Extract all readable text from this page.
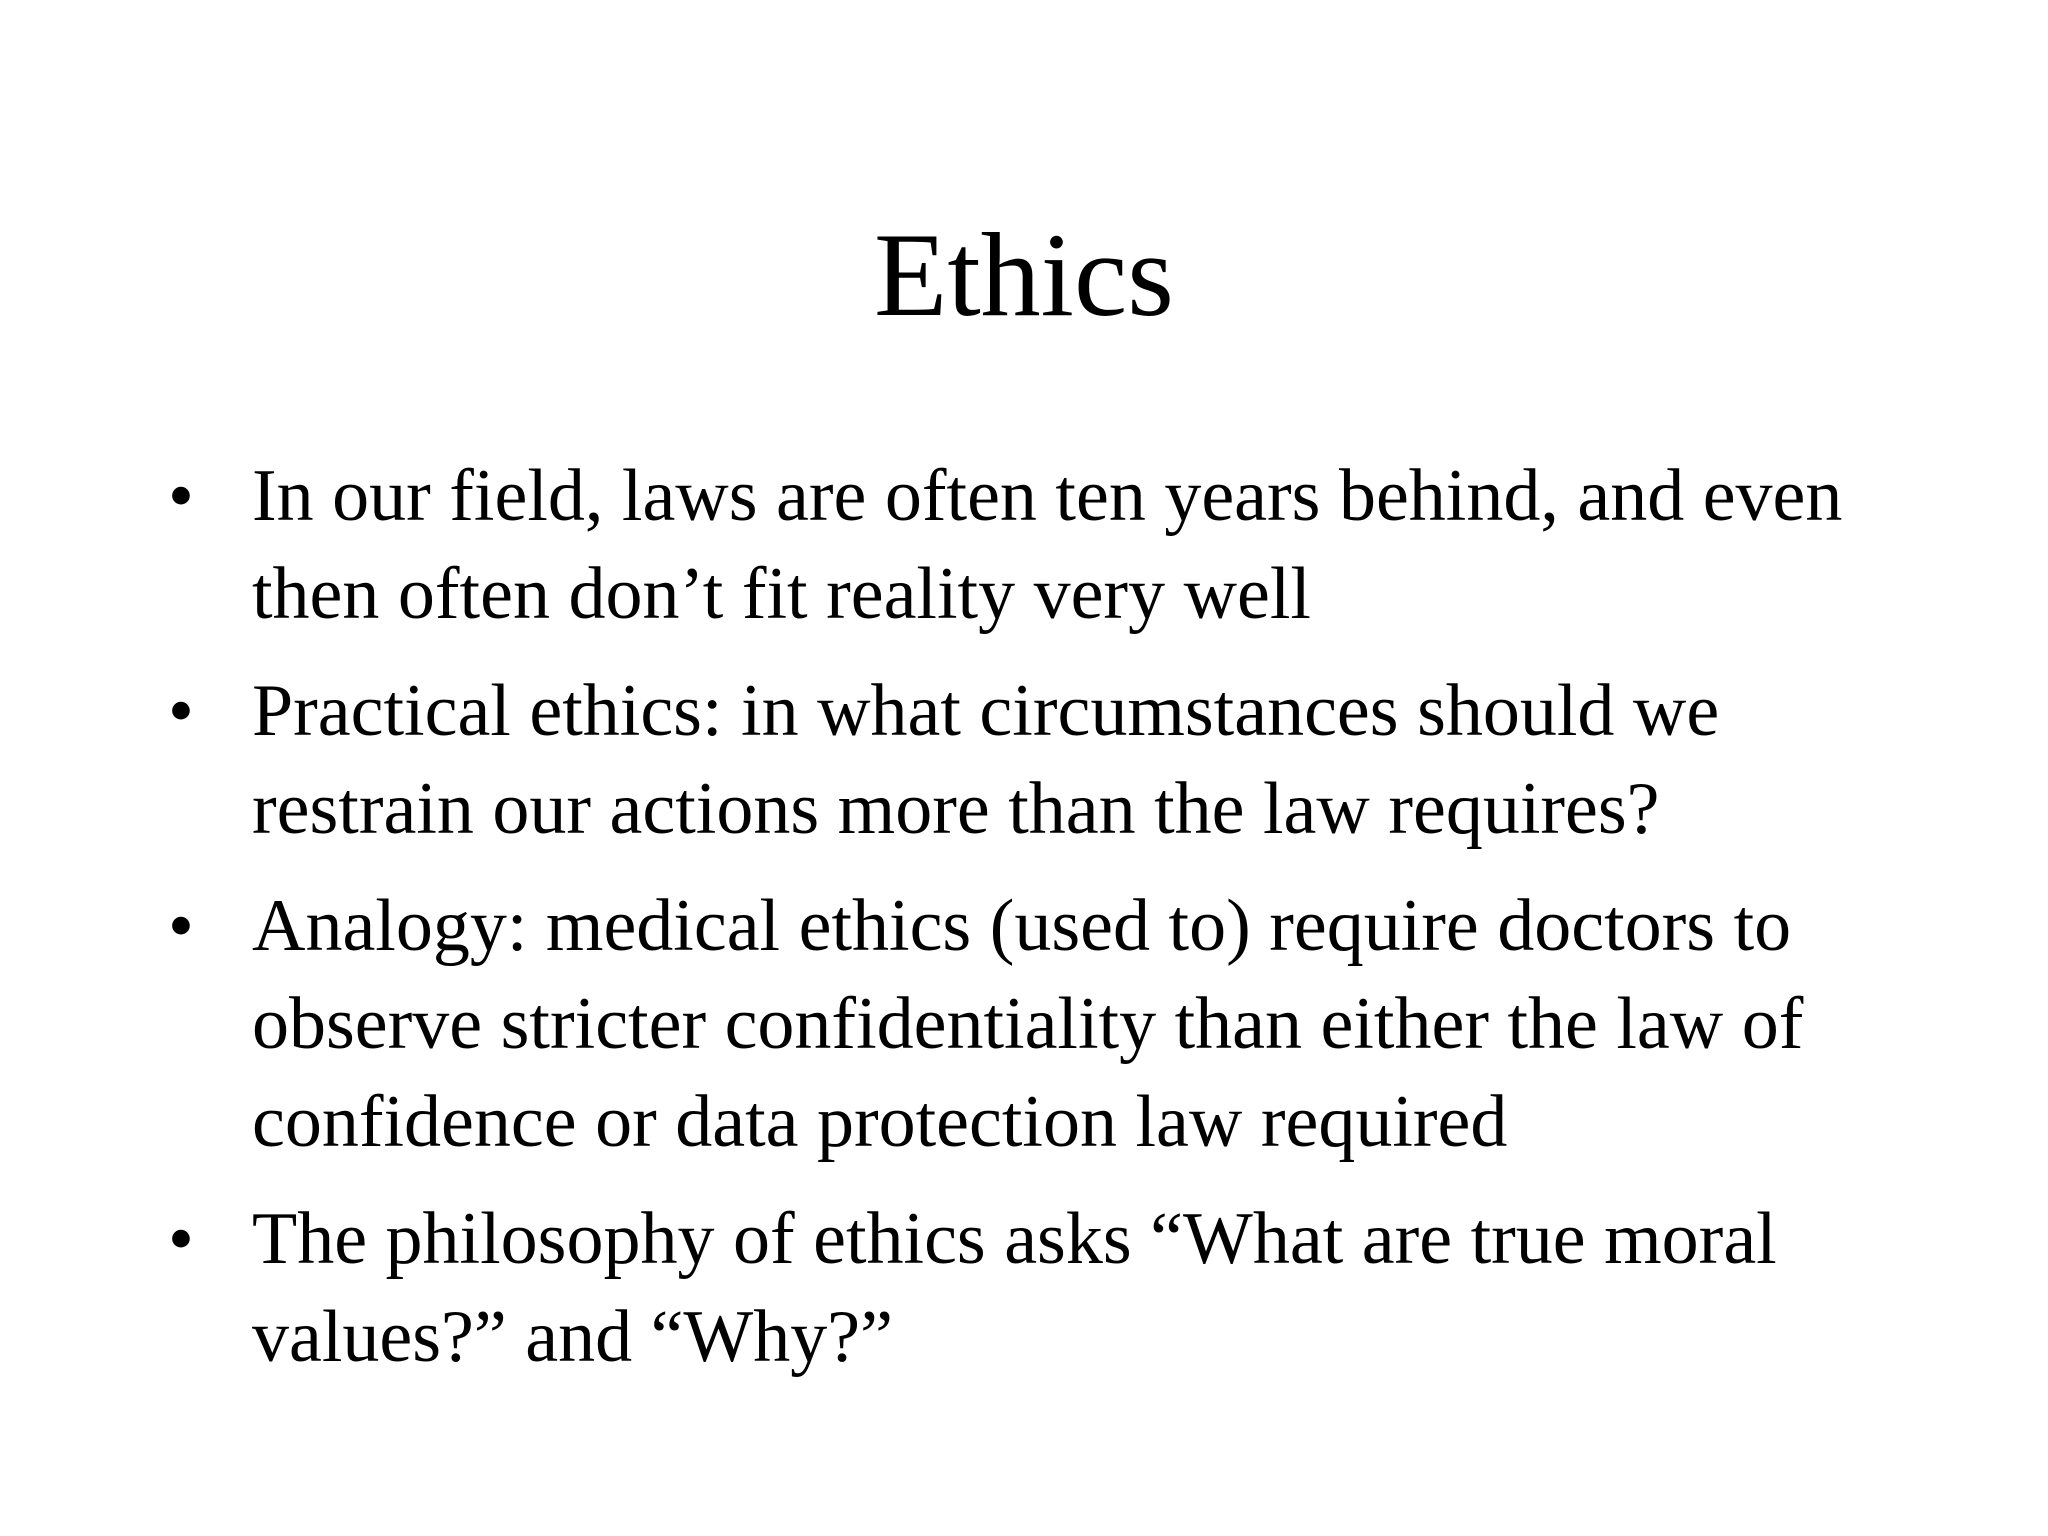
Ethics
• In our field, laws are often ten years behind, and even then often don’t fit reality very well
• Practical ethics: in what circumstances should we restrain our actions more than the law requires?
• Analogy: medical ethics (used to) require doctors to observe stricter confidentiality than either the law of confidence or data protection law required
• The philosophy of ethics asks “What are true moral values?” and “Why?”
